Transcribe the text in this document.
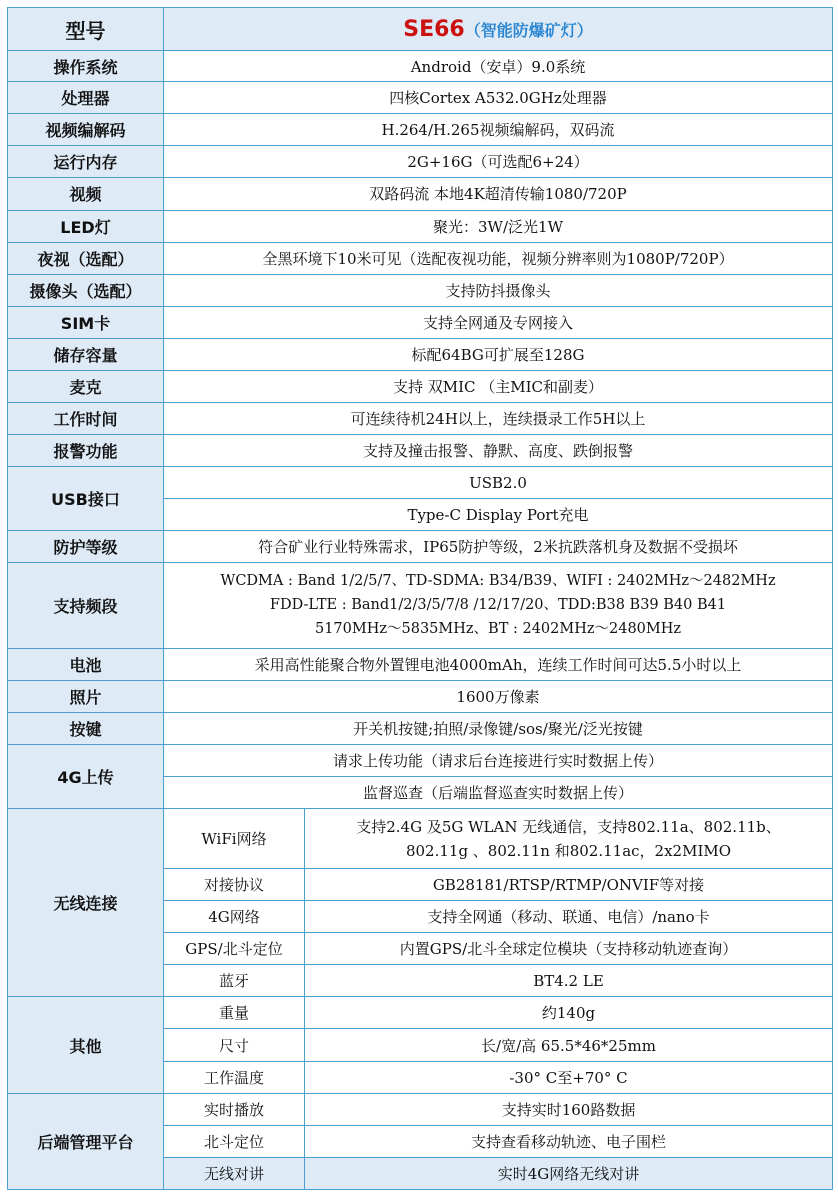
型号	SE66（智能防爆矿灯）	
操作系统	Android（安卓）9.0系统	
处理器	四核Cortex A532.0GHz处理器	
视频编解码	H.264/H.265视频编解码，双码流	
运行内存	2G+16G（可选配6+24）	
视频	双路码流 本地4K超清传输1080/720P	
LED灯	聚光：3W/泛光1W	
夜视（选配）	全黑环境下10米可见（选配夜视功能，视频分辨率则为1080P/720P）	
摄像头（选配）	支持防抖摄像头	
SIM卡	支持全网通及专网接入	
储存容量	标配64BG可扩展至128G	
麦克	支持 双MIC （主MIC和副麦）	
工作时间	可连续待机24H以上，连续摄录工作5H以上	
报警功能	支持及撞击报警、静默、高度、跌倒报警	
USB接口	USB2.0	
	Type-C Display Port充电	
防护等级	符合矿业行业特殊需求，IP65防护等级，2米抗跌落机身及数据不受损坏	
支持频段	WCDMA : Band 1/2/5/7、TD-SDMA: B34/B39、WIFI : 2402MHz～2482MHz
FDD-LTE : Band1/2/3/5/7/8 /12/17/20、TDD:B38 B39 B40 B41
5170MHz～5835MHz、BT : 2402MHz～2480MHz	

电池	采用高性能聚合物外置锂电池4000mAh，连续工作时间可达5.5小时以上	
照片	1600万像素	
按键	开关机按键;拍照/录像键/sos/聚光/泛光按键	
4G上传	请求上传功能（请求后台连接进行实时数据上传）	
	监督巡查（后端监督巡查实时数据上传）	
无线连接	WiFi网络	支持2.4G 及5G WLAN 无线通信，支持802.11a、802.11b、
802.11g 、802.11n 和802.11ac，2x2MIMO

	对接协议	GB28181/RTSP/RTMP/ONVIF等对接
	4G网络	支持全网通（移动、联通、电信）/nano卡
	GPS/北斗定位	内置GPS/北斗全球定位模块（支持移动轨迹查询）
	蓝牙	BT4.2 LE
其他	重量	约140g
	尺寸	长/宽/高 65.5*46*25mm
	工作温度	-30° C至+70° C
后端管理平台	实时播放	支持实时160路数据
	北斗定位	支持查看移动轨迹、电子围栏
	无线对讲	实时4G网络无线对讲
